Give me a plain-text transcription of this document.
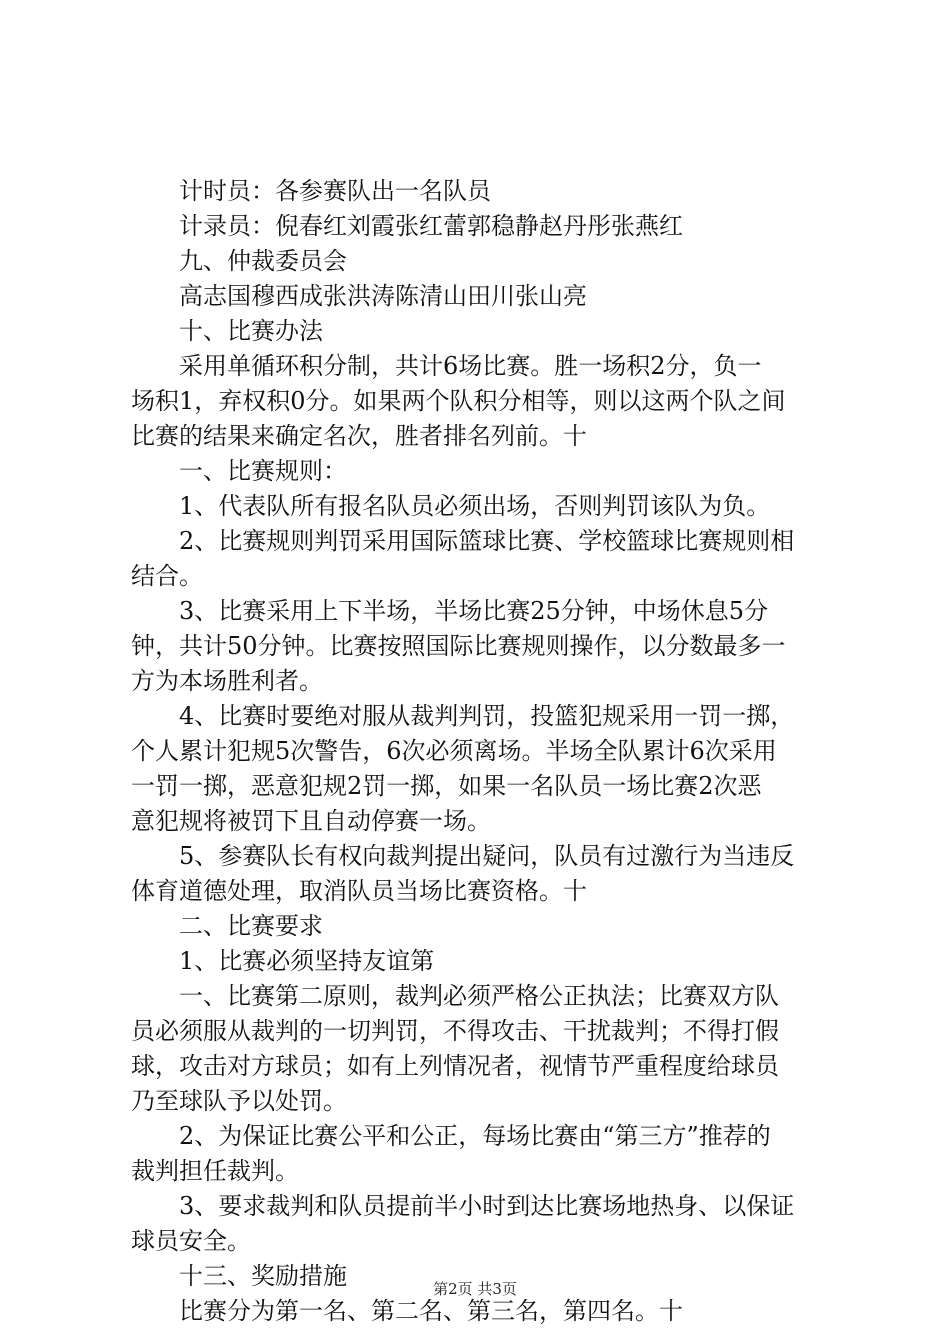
计时员：各参赛队出一名队员
计录员：倪春红刘霞张红蕾郭稳静赵丹彤张燕红
九、仲裁委员会
高志国穆西成张洪涛陈清山田川张山亮
十、比赛办法
采用单循环积分制，共计6场比赛。胜一场积2分，负一
场积1，弃权积0分。如果两个队积分相等，则以这两个队之间
比赛的结果来确定名次，胜者排名列前。十
一、比赛规则：
1、代表队所有报名队员必须出场，否则判罚该队为负。
2、比赛规则判罚采用国际篮球比赛、学校篮球比赛规则相
结合。
3、比赛采用上下半场，半场比赛25分钟，中场休息5分
钟，共计50分钟。比赛按照国际比赛规则操作，以分数最多一
方为本场胜利者。
4、比赛时要绝对服从裁判判罚，投篮犯规采用一罚一掷，
个人累计犯规5次警告，6次必须离场。半场全队累计6次采用
一罚一掷，恶意犯规2罚一掷，如果一名队员一场比赛2次恶
意犯规将被罚下且自动停赛一场。
5、参赛队长有权向裁判提出疑问，队员有过激行为当违反
体育道德处理，取消队员当场比赛资格。十
二、比赛要求
1、比赛必须坚持友谊第
一、比赛第二原则，裁判必须严格公正执法；比赛双方队
员必须服从裁判的一切判罚，不得攻击、干扰裁判；不得打假
球，攻击对方球员；如有上列情况者，视情节严重程度给球员
乃至球队予以处罚。
2、为保证比赛公平和公正，每场比赛由“第三方”推荐的
裁判担任裁判。
3、要求裁判和队员提前半小时到达比赛场地热身、以保证
球员安全。
十三、奖励措施
比赛分为第一名、第二名、第三名，第四名。十
第2页 共3页
